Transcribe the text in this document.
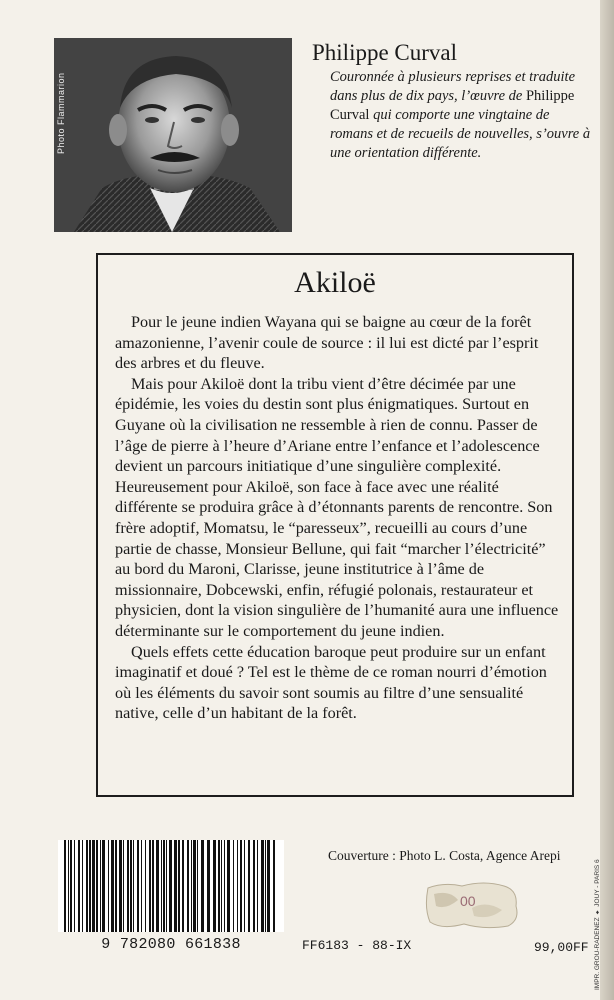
Photo Flammarion
Philippe Curval
Couronnée à plusieurs reprises et traduite dans plus de dix pays, l’œuvre de Philippe Curval qui comporte une vingtaine de romans et de recueils de nouvelles, s’ouvre à une orientation différente.
Akiloë

Pour le jeune indien Wayana qui se baigne au cœur de la forêt amazonienne, l’avenir coule de source : il lui est dicté par l’esprit des arbres et du fleuve.

Mais pour Akiloë dont la tribu vient d’être décimée par une épidémie, les voies du destin sont plus énigmatiques. Surtout en Guyane où la civilisation ne ressemble à rien de connu. Passer de l’âge de pierre à l’heure d’Ariane entre l’enfance et l’adolescence devient un parcours initiatique d’une singulière complexité. Heureusement pour Akiloë, son face à face avec une réalité différente se produira grâce à d’étonnants parents de rencontre. Son frère adoptif, Momatsu, le “paresseux”, recueilli au cours d’une partie de chasse, Monsieur Bellune, qui fait “marcher l’électricité” au bord du Maroni, Clarisse, jeune institutrice à l’âme de missionnaire, Dobcewski, enfin, réfugié polonais, restaurateur et physicien, dont la vision singulière de l’humanité aura une influence déterminante sur le comportement du jeune indien.

Quels effets cette éducation baroque peut produire sur un enfant imaginatif et doué ? Tel est le thème de ce roman nourri d’émotion où les éléments du savoir sont soumis au filtre d’une sensualité native, celle d’un habitant de la forêt.

9 782080 661838	FF6183 - 88-IX
Couverture : Photo L. Costa, Agence Arepi
00
99,00FF IMPR. GROU-RADENEZ ♦ JOUY - PARIS 6
